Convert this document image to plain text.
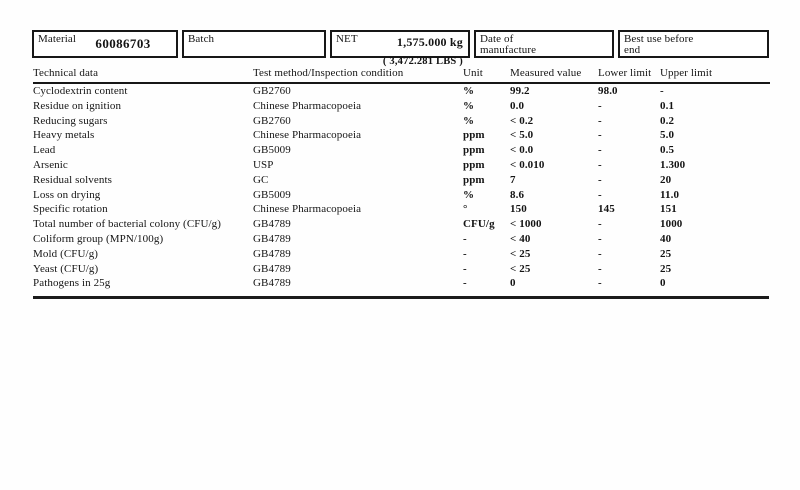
Material	60086703	Batch	NET	1,575.000 kg
( 3,472.281 LBS )
Date of manufacture
Best use before end
Technical data	Test method/Inspection condition	Unit	Measured value	Lower limit	Upper limit
Cyclodextrin content	GB2760	%	99.2	98.0	-
Residue on ignition	Chinese Pharmacopoeia	%	0.0	-	0.1
Reducing sugars	GB2760	%	< 0.2	-	0.2
Heavy metals	Chinese Pharmacopoeia	ppm	< 5.0	-	5.0
Lead	GB5009	ppm	< 0.0	-	0.5
Arsenic	USP	ppm	< 0.010	-	1.300
Residual solvents	GC	ppm	7	-	20
Loss on drying	GB5009	%	8.6	-	11.0
Specific rotation	Chinese Pharmacopoeia	°	150	145	151
Total number of bacterial colony (CFU/g)	GB4789	CFU/g	< 1000	-	1000
Coliform group (MPN/100g)	GB4789	-	< 40	-	40
Mold (CFU/g)	GB4789	-	< 25	-	25
Yeast (CFU/g)	GB4789	-	< 25	-	25
Pathogens in 25g	GB4789	-	0	-	0
